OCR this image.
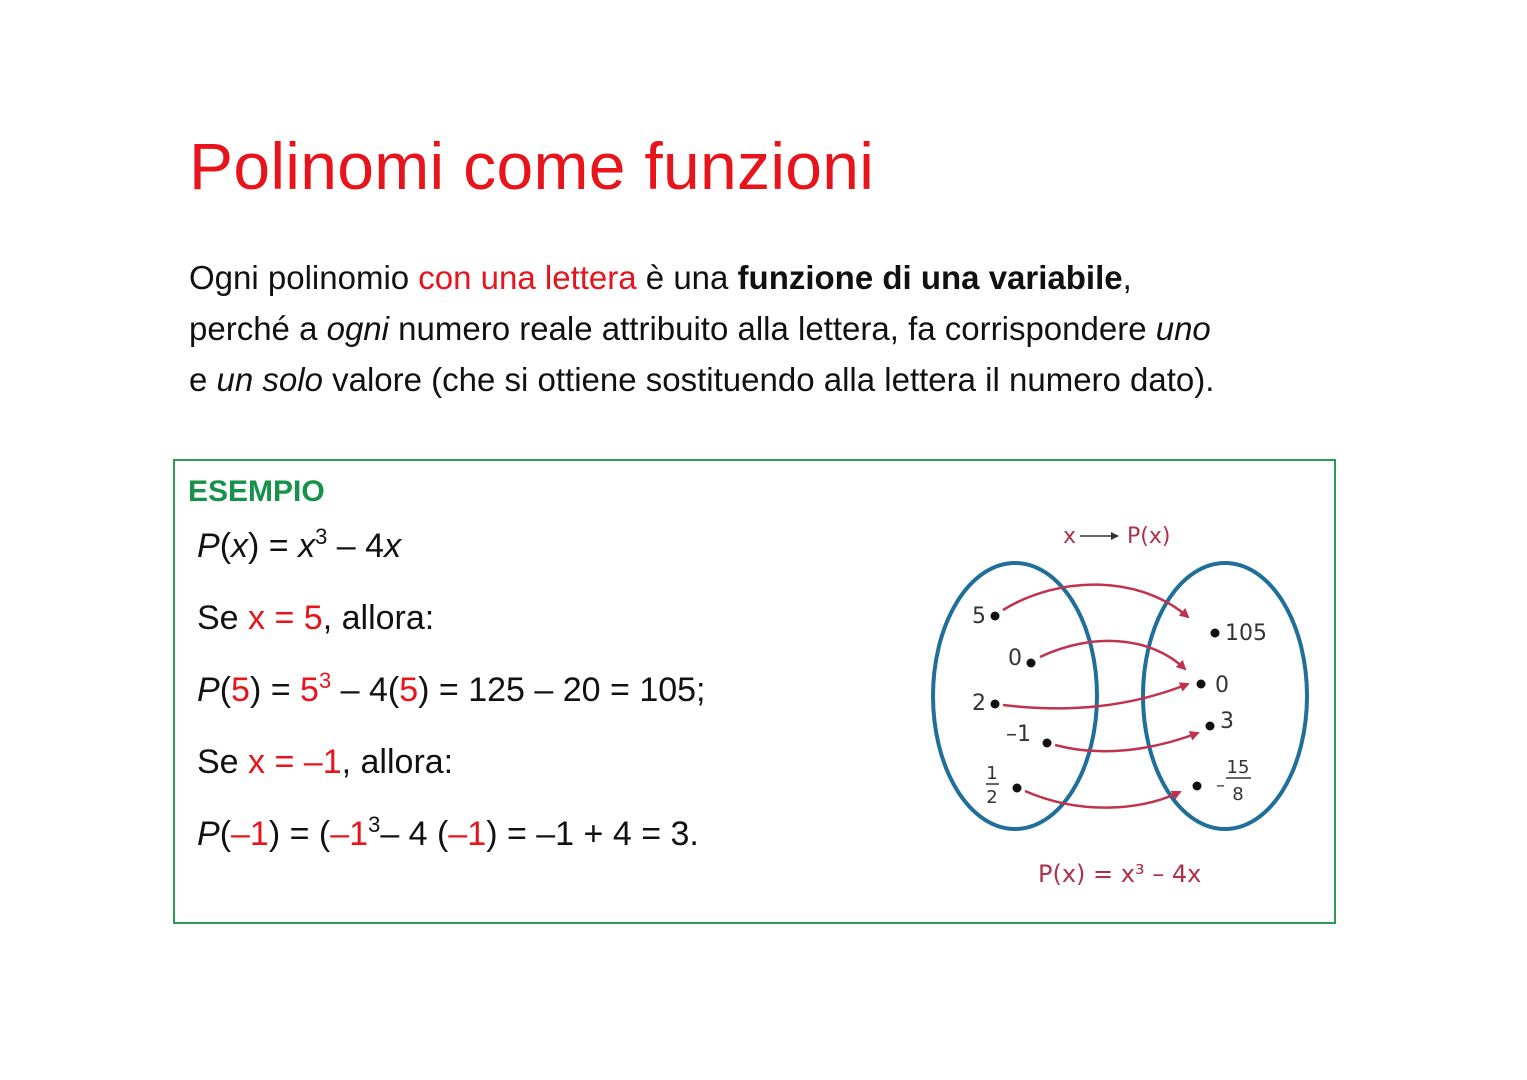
Polinomi come funzioni

Ogni polinomio con una lettera è una funzione di una variabile,

perché a ogni numero reale attribuito alla lettera, fa corrispondere uno

e un solo valore (che si ottiene sostituendo alla lettera il numero dato).

ESEMPIO
$P(x) = x^3 - 4x$
Se x = 5, allora:
$P(5) = 5^3 - 4(5) = 125 - 20 = 105$;
Se x = –1, allora:
$P(-1) = (-1^3-$ 4 (–1) = –1 + 4 = 3.
x P(x)
5
0
2
–1
1
2
105
0
3
–
15
8
P(x) = x³ – 4x
